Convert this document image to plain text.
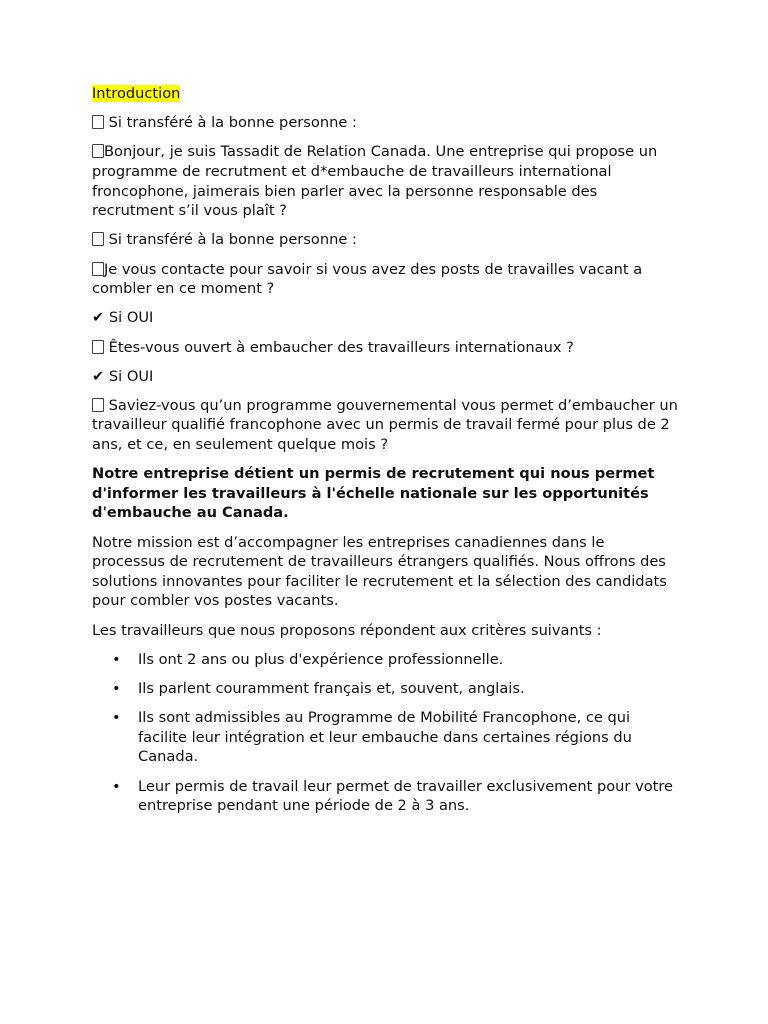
Introduction

Si transféré à la bonne personne :

Bonjour, je suis Tassadit de Relation Canada. Une entreprise qui propose un programme de recrutment et d*embauche de travailleurs international froncophone, jaimerais bien parler avec la personne responsable des recrutment s’il vous plaît ?

Si transféré à la bonne personne :

Je vous contacte pour savoir si vous avez des posts de travailles vacant a combler en ce moment ?

✔ Si OUI

Êtes-vous ouvert à embaucher des travailleurs internationaux ?

✔ Si OUI

Saviez-vous qu’un programme gouvernemental vous permet d’embaucher un travailleur qualifié francophone avec un permis de travail fermé pour plus de 2 ans, et ce, en seulement quelque mois ?

Notre entreprise détient un permis de recrutement qui nous permet d'informer les travailleurs à l'échelle nationale sur les opportunités d'embauche au Canada.

Notre mission est d’accompagner les entreprises canadiennes dans le processus de recrutement de travailleurs étrangers qualifiés. Nous offrons des solutions innovantes pour faciliter le recrutement et la sélection des candidats pour combler vos postes vacants.

Les travailleurs que nous proposons répondent aux critères suivants :

• Ils ont 2 ans ou plus d'expérience professionnelle.
• Ils parlent couramment français et, souvent, anglais.
• Ils sont admissibles au Programme de Mobilité Francophone, ce qui facilite leur intégration et leur embauche dans certaines régions du Canada.
• Leur permis de travail leur permet de travailler exclusivement pour votre entreprise pendant une période de 2 à 3 ans.
